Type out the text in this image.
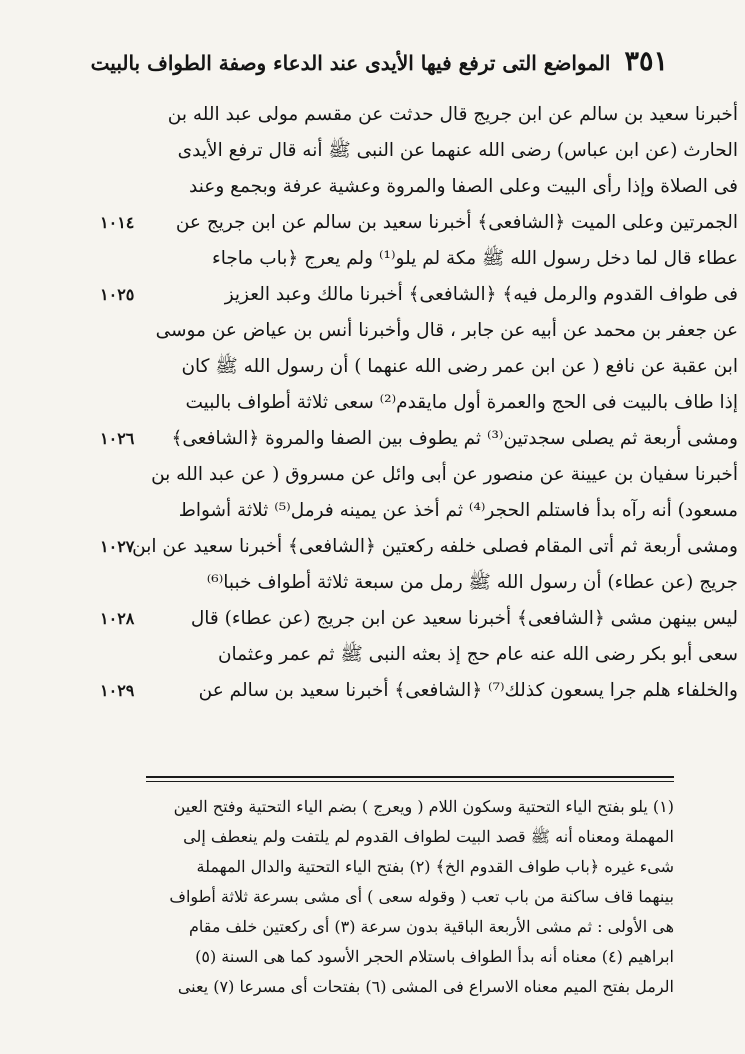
٣٥١
المواضع التى ترفع فيها الأيدى عند الدعاء وصفة الطواف بالبيت
أخبرنا سعيد بن سالم عن ابن جريج قال حدثت عن مقسم مولى عبد الله بن
الحارث (عن ابن عباس) رضى الله عنهما عن النبى ﷺ أنه قال ترفع الأيدى
فى الصلاة وإذا رأى البيت وعلى الصفا والمروة وعشية عرفة وبجمع وعند
الجمرتين وعلى الميت ﴿الشافعى﴾ أخبرنا سعيد بن سالم عن ابن جريج عن
١٠١٤
عطاء قال لما دخل رسول الله ﷺ مكة لم يلو⁽¹⁾ ولم يعرج ﴿باب ماجاء
فى طواف القدوم والرمل فيه﴾ ﴿الشافعى﴾ أخبرنا مالك وعبد العزيز
١٠٢٥
عن جعفر بن محمد عن أبيه عن جابر ، قال وأخبرنا أنس بن عياض عن موسى
ابن عقبة عن نافع ( عن ابن عمر رضى الله عنهما ) أن رسول الله ﷺ كان
إذا طاف بالبيت فى الحج والعمرة أول مايقدم⁽²⁾ سعى ثلاثة أطواف بالبيت
ومشى أربعة ثم يصلى سجدتين⁽³⁾ ثم يطوف بين الصفا والمروة ﴿الشافعى﴾
١٠٢٦
أخبرنا سفيان بن عيينة عن منصور عن أبى وائل عن مسروق ( عن عبد الله بن
مسعود) أنه رآه بدأ فاستلم الحجر⁽⁴⁾ ثم أخذ عن يمينه فرمل⁽⁵⁾ ثلاثة أشواط
ومشى أربعة ثم أتى المقام فصلى خلفه ركعتين ﴿الشافعى﴾ أخبرنا سعيد عن ابن
١٠٢٧
جريج (عن عطاء) أن رسول الله ﷺ رمل من سبعة ثلاثة أطواف خببا⁽⁶⁾
ليس بينهن مشى ﴿الشافعى﴾ أخبرنا سعيد عن ابن جريج (عن عطاء) قال
١٠٢٨
سعى أبو بكر رضى الله عنه عام حج إذ بعثه النبى ﷺ ثم عمر وعثمان
والخلفاء هلم جرا يسعون كذلك⁽⁷⁾ ﴿الشافعى﴾ أخبرنا سعيد بن سالم عن
١٠٢٩
(١) يلو بفتح الياء التحتية وسكون اللام ( ويعرج ) بضم الياء التحتية وفتح العين
المهملة ومعناه أنه ﷺ قصد البيت لطواف القدوم لم يلتفت ولم ينعطف إلى
شىء غيره ﴿باب طواف القدوم الخ﴾ (٢) بفتح الياء التحتية والدال المهملة
بينهما قاف ساكنة من باب تعب ( وقوله سعى ) أى مشى بسرعة ثلاثة أطواف
هى الأولى : ثم مشى الأربعة الباقية بدون سرعة (٣) أى ركعتين خلف مقام
ابراهيم (٤) معناه أنه بدأ الطواف باستلام الحجر الأسود كما هى السنة (٥)
الرمل بفتح الميم معناه الاسراع فى المشى (٦) بفتحات أى مسرعا (٧) يعنى
